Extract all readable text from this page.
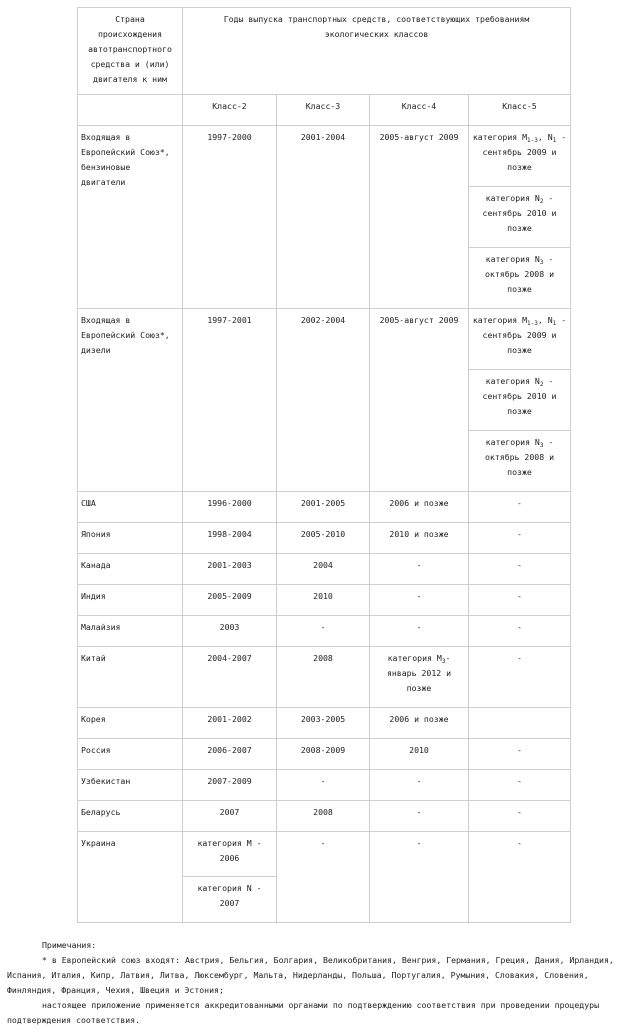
Страна происхождения автотранспортного средства и (или) двигателя к ним	Годы выпуска транспортных средств, соответствующих требованиям экологических классов			
	Класс-2	Класс-3	Класс-4	Класс-5
Входящая в Европейский Союз*, бензиновые двигатели	1997-2000	2001-2004	2005-август 2009	категория $M_{1-3}$, $N_1$ - сентябрь 2009 и позже
				категория $N_2$ - сентябрь 2010 и позже
				категория $N_3$ - октябрь 2008 и позже
Входящая в Европейский Союз*, дизели	1997-2001	2002-2004	2005-август 2009	категория $M_{1-3}$, $N_1$ - сентябрь 2009 и позже
				категория $N_2$ - сентябрь 2010 и позже
				категория $N_3$ - октябрь 2008 и позже
США	1996-2000	2001-2005	2006 и позже	-
Япония	1998-2004	2005-2010	2010 и позже	-
Канада	2001-2003	2004	-	-
Индия	2005-2009	2010	-	-
Малайзия	2003	-	-	-
Китай	2004-2007	2008	категория $M_3$-январь 2012 и позже	-
Корея	2001-2002	2003-2005	2006 и позже	
Россия	2006-2007	2008-2009	2010	-
Узбекистан	2007-2009	-	-	-
Беларусь	2007	2008	-	-
Украина	категория M - 2006	-	-	-
	категория N - 2007			

Примечания:

* в Европейский союз входят: Австрия, Бельгия, Болгария, Великобритания, Венгрия, Германия, Греция, Дания, Ирландия, Испания, Италия, Кипр, Латвия, Литва, Люксембург, Мальта, Нидерланды, Польша, Португалия, Румыния, Словакия, Словения, Финляндия, Франция, Чехия, Швеция и Эстония;

настоящее приложение применяется аккредитованными органами по подтверждению соответствия при проведении процедуры подтверждения соответствия.
